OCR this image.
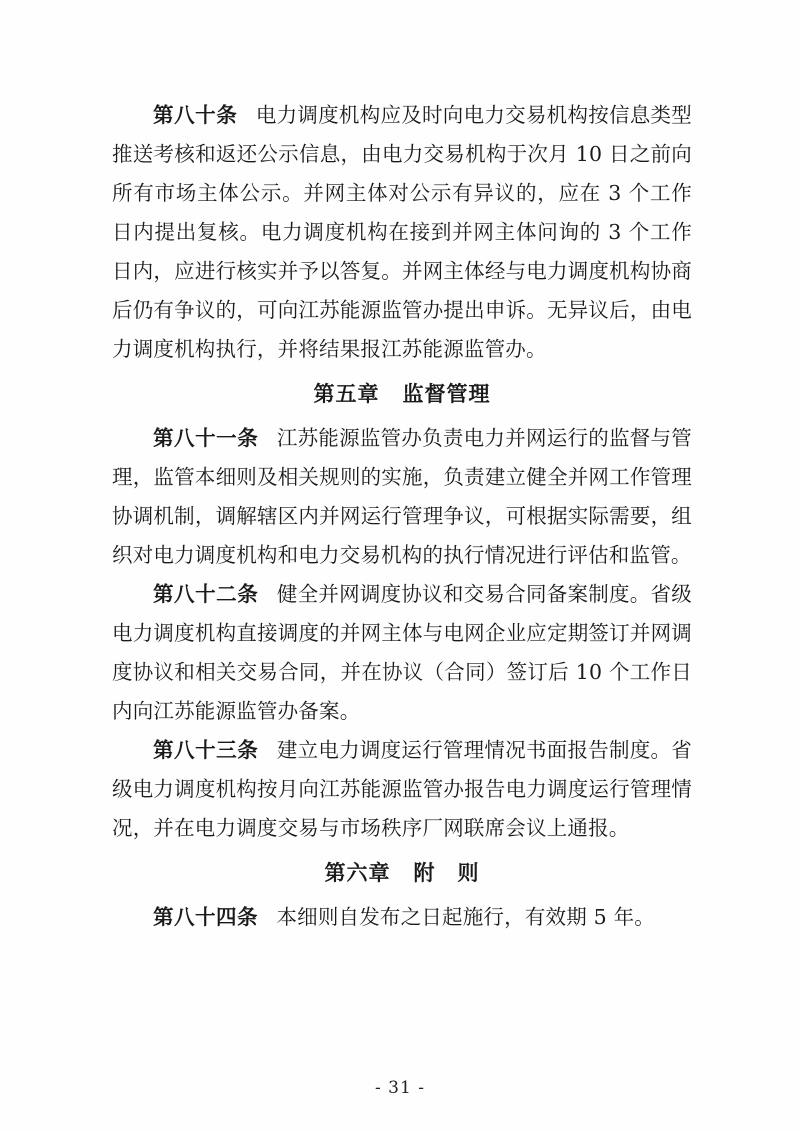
第八十条 电力调度机构应及时向电力交易机构按信息类型推送考核和返还公示信息，由电力交易机构于次月 10 日之前向所有市场主体公示。并网主体对公示有异议的，应在 3 个工作日内提出复核。电力调度机构在接到并网主体问询的 3 个工作日内，应进行核实并予以答复。并网主体经与电力调度机构协商后仍有争议的，可向江苏能源监管办提出申诉。无异议后，由电力调度机构执行，并将结果报江苏能源监管办。

第五章 监督管理

第八十一条 江苏能源监管办负责电力并网运行的监督与管理，监管本细则及相关规则的实施，负责建立健全并网工作管理协调机制，调解辖区内并网运行管理争议，可根据实际需要，组织对电力调度机构和电力交易机构的执行情况进行评估和监管。

第八十二条 健全并网调度协议和交易合同备案制度。省级电力调度机构直接调度的并网主体与电网企业应定期签订并网调度协议和相关交易合同，并在协议（合同）签订后 10 个工作日内向江苏能源监管办备案。

第八十三条 建立电力调度运行管理情况书面报告制度。省级电力调度机构按月向江苏能源监管办报告电力调度运行管理情况，并在电力调度交易与市场秩序厂网联席会议上通报。

第六章 附　则

第八十四条 本细则自发布之日起施行，有效期 5 年。

- 31 -
